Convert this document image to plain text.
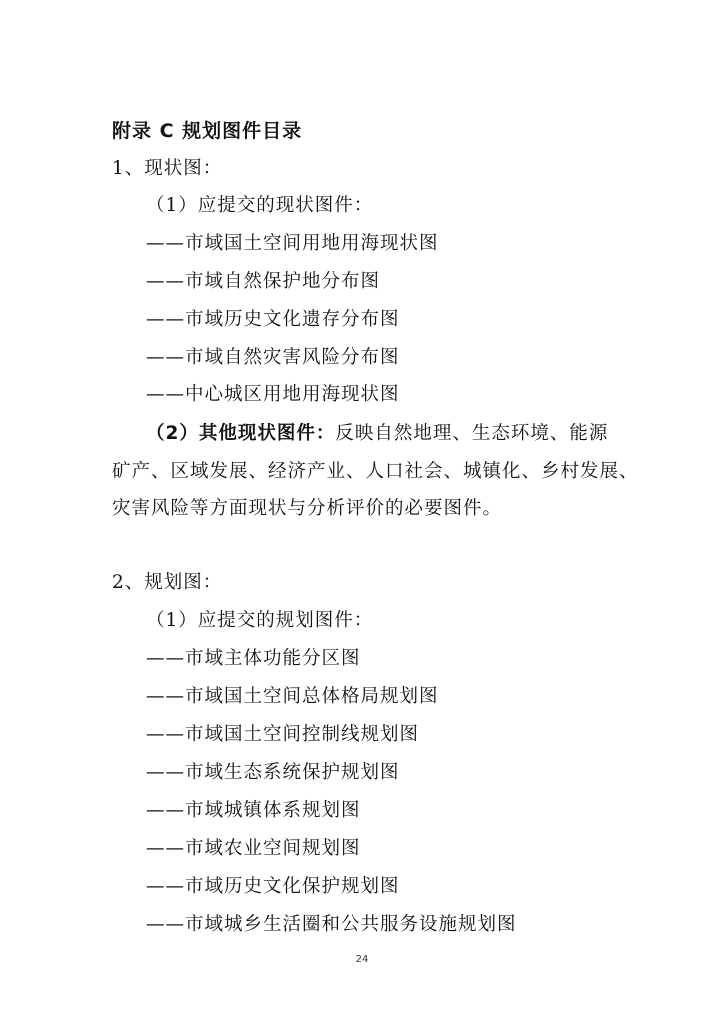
附录 C 规划图件目录
1、现状图：
（1）应提交的现状图件：
——市域国土空间用地用海现状图
——市域自然保护地分布图
——市域历史文化遗存分布图
——市域自然灾害风险分布图
——中心城区用地用海现状图
（2）其他现状图件：反映自然地理、生态环境、能源
矿产、区域发展、经济产业、人口社会、城镇化、乡村发展、
灾害风险等方面现状与分析评价的必要图件。
2、规划图：
（1）应提交的规划图件：
——市域主体功能分区图
——市域国土空间总体格局规划图
——市域国土空间控制线规划图
——市域生态系统保护规划图
——市域城镇体系规划图
——市域农业空间规划图
——市域历史文化保护规划图
——市域城乡生活圈和公共服务设施规划图
24
